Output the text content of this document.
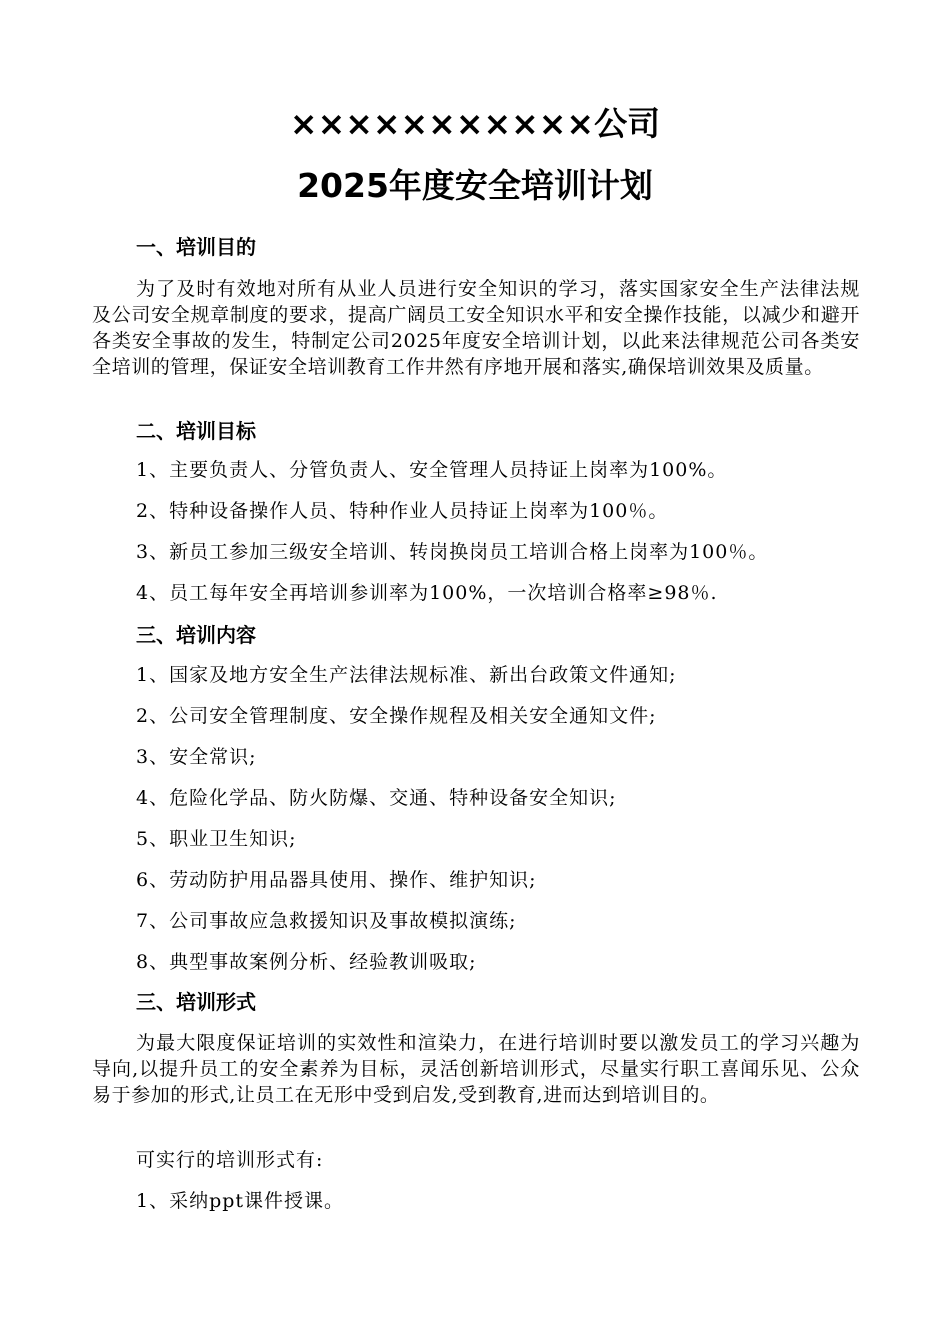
×××××××××××公司
2025年度安全培训计划
一、培训目的
为了及时有效地对所有从业人员进行安全知识的学习，落实国家安全生产法律法规及公司安全规章制度的要求，提高广阔员工安全知识水平和安全操作技能，以减少和避开各类安全事故的发生，特制定公司2025年度安全培训计划，以此来法律规范公司各类安全培训的管理，保证安全培训教育工作井然有序地开展和落实,确保培训效果及质量。
二、培训目标
1、主要负责人、分管负责人、安全管理人员持证上岗率为100%。
2、特种设备操作人员、特种作业人员持证上岗率为100％。
3、新员工参加三级安全培训、转岗换岗员工培训合格上岗率为100％。
4、员工每年安全再培训参训率为100%，一次培训合格率≥98％.
三、培训内容
1、国家及地方安全生产法律法规标准、新出台政策文件通知;
2、公司安全管理制度、安全操作规程及相关安全通知文件;
3、安全常识;
4、危险化学品、防火防爆、交通、特种设备安全知识;
5、职业卫生知识;
6、劳动防护用品器具使用、操作、维护知识;
7、公司事故应急救援知识及事故模拟演练;
8、典型事故案例分析、经验教训吸取;
三、培训形式
为最大限度保证培训的实效性和渲染力，在进行培训时要以激发员工的学习兴趣为导向,以提升员工的安全素养为目标，灵活创新培训形式，尽量实行职工喜闻乐见、公众易于参加的形式,让员工在无形中受到启发,受到教育,进而达到培训目的。
可实行的培训形式有:
1、采纳ppt课件授课。
